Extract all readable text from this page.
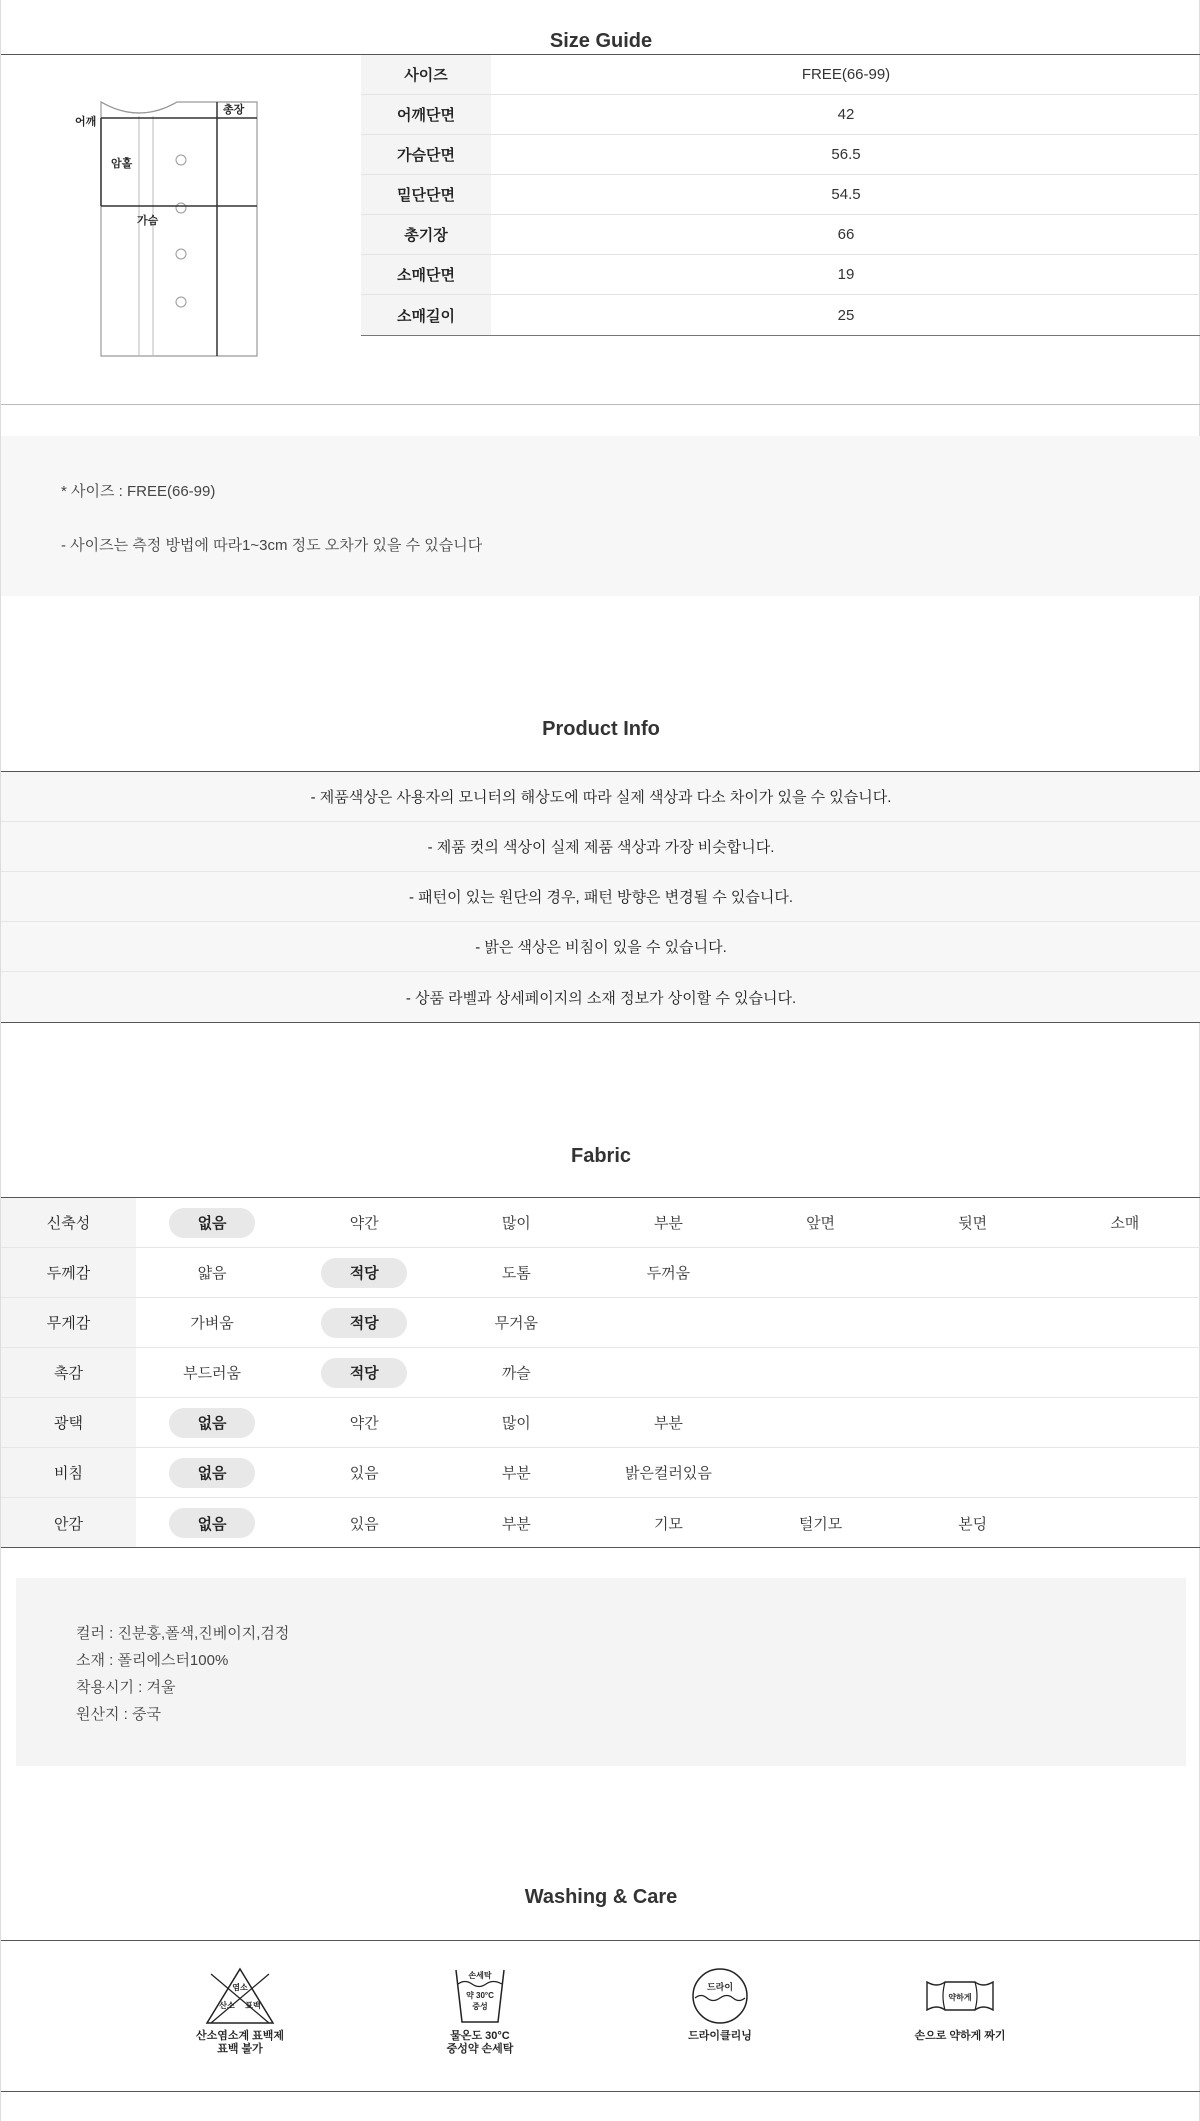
Size Guide
어깨
총장
암홀
가슴
사이즈	FREE(66-99)
어깨단면	42
가슴단면	56.5
밑단단면	54.5
총기장	66
소매단면	19
소매길이	25

* 사이즈 : FREE(66-99)

- 사이즈는 측정 방법에 따라1~3cm 정도 오차가 있을 수 있습니다

Product Info
- 제품색상은 사용자의 모니터의 해상도에 따라 실제 색상과 다소 차이가 있을 수 있습니다.
- 제품 컷의 색상이 실제 제품 색상과 가장 비슷합니다.
- 패턴이 있는 원단의 경우, 패턴 방향은 변경될 수 있습니다.
- 밝은 색상은 비침이 있을 수 있습니다.
- 상품 라벨과 상세페이지의 소재 정보가 상이할 수 있습니다.
Fabric
신축성	없음	약간	많이	부분	앞면	뒷면	소매
두께감	얇음	적당	도톰	두꺼움
무게감	가벼움	적당	무거움
촉감	부드러움	적당	까슬
광택	없음	약간	많이	부분
비침	없음	있음	부분	밝은컬러있음
안감	없음	있음	부분	기모	털기모	본딩

컬러 : 진분홍,폴색,진베이지,검정

소재 : 폴리에스터100%

착용시기 : 겨울

원산지 : 중국

Washing & Care
염소
산소 표백
산소염소계 표백제
표백 불가
손세탁
약 30°C
중성
물온도 30°C
중성약 손세탁
드라이
드라이클리닝
약하게
손으로 약하게 짜기
